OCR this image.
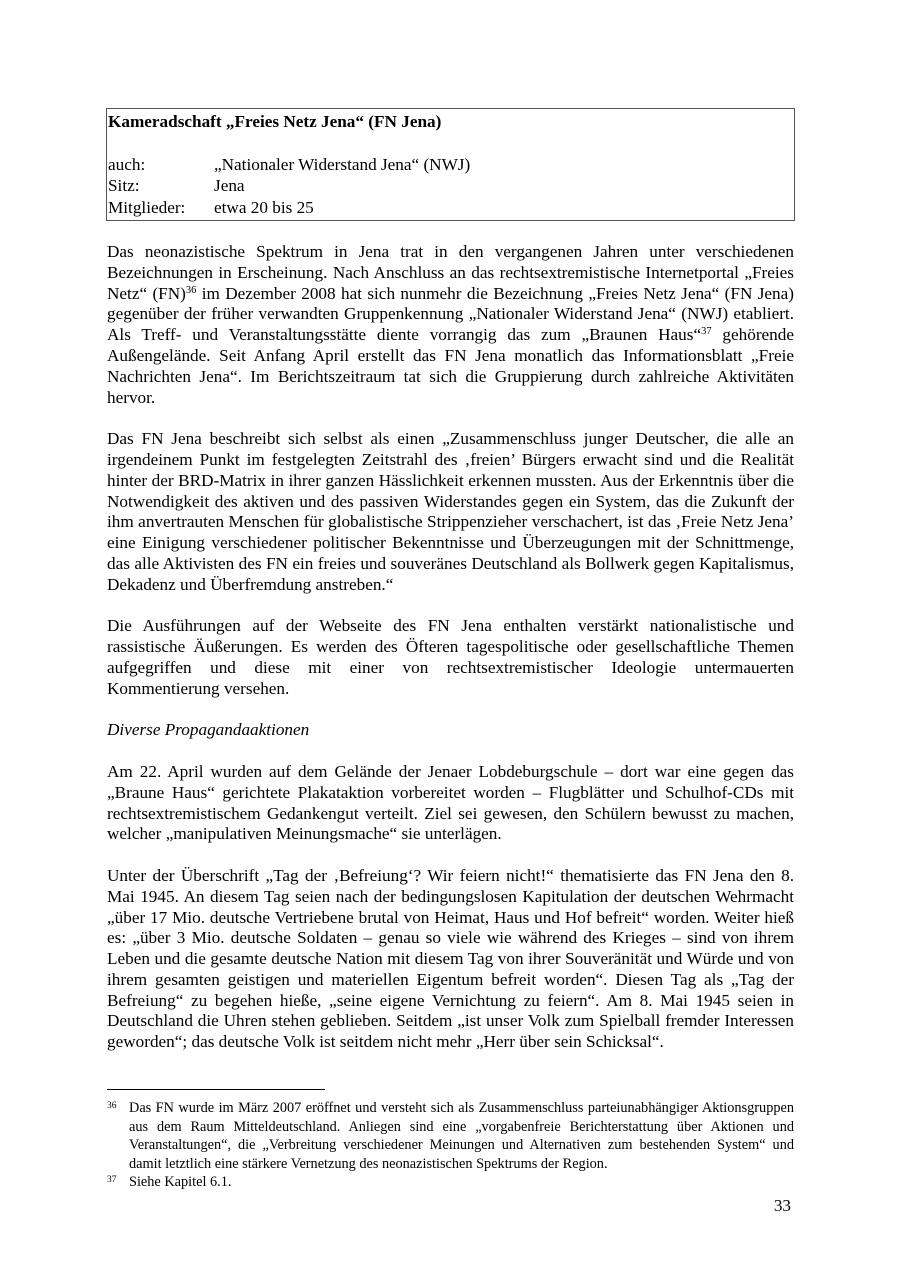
Kameradschaft „Freies Netz Jena“ (FN Jena)
auch:	„Nationaler Widerstand Jena“ (NWJ)
Sitz:	Jena
Mitglieder:	etwa 20 bis 25

Das neonazistische Spektrum in Jena trat in den vergangenen Jahren unter verschiedenen Bezeichnungen in Erscheinung. Nach Anschluss an das rechtsextremistische Internetportal „Freies Netz“ (FN)$^{36}$ im Dezember 2008 hat sich nunmehr die Bezeichnung „Freies Netz Jena“ (FN Jena) gegenüber der früher verwandten Gruppenkennung „Nationaler Widerstand Jena“ (NWJ) etabliert. Als Treff- und Veranstaltungsstätte diente vorrangig das zum „Braunen Haus“$^{37}$ gehörende Außengelände. Seit Anfang April erstellt das FN Jena monatlich das Informationsblatt „Freie Nachrichten Jena“. Im Berichtszeitraum tat sich die Gruppierung durch zahlreiche Aktivitäten hervor.

Das FN Jena beschreibt sich selbst als einen „Zusammenschluss junger Deutscher, die alle an irgendeinem Punkt im festgelegten Zeitstrahl des ‚freien’ Bürgers erwacht sind und die Realität hinter der BRD-Matrix in ihrer ganzen Hässlichkeit erkennen mussten. Aus der Erkenntnis über die Notwendigkeit des aktiven und des passiven Widerstandes gegen ein System, das die Zukunft der ihm anvertrauten Menschen für globalistische Strippenzieher verschachert, ist das ‚Freie Netz Jena’ eine Einigung verschiedener politischer Bekenntnisse und Überzeugungen mit der Schnittmenge, das alle Aktivisten des FN ein freies und souveränes Deutschland als Bollwerk gegen Kapitalismus, Dekadenz und Überfremdung anstreben.“

Die Ausführungen auf der Webseite des FN Jena enthalten verstärkt nationalistische und rassistische Äußerungen. Es werden des Öfteren tagespolitische oder gesellschaftliche Themen aufgegriffen und diese mit einer von rechtsextremistischer Ideologie untermauerten Kommentierung versehen.

Diverse Propagandaaktionen

Am 22. April wurden auf dem Gelände der Jenaer Lobdeburgschule – dort war eine gegen das „Braune Haus“ gerichtete Plakataktion vorbereitet worden – Flugblätter und Schulhof-CDs mit rechtsextremistischem Gedankengut verteilt. Ziel sei gewesen, den Schülern bewusst zu machen, welcher „manipulativen Meinungsmache“ sie unterlägen.

Unter der Überschrift „Tag der ‚Befreiung‘? Wir feiern nicht!“ thematisierte das FN Jena den 8. Mai 1945. An diesem Tag seien nach der bedingungslosen Kapitulation der deutschen Wehrmacht „über 17 Mio. deutsche Vertriebene brutal von Heimat, Haus und Hof befreit“ worden. Weiter hieß es: „über 3 Mio. deutsche Soldaten – genau so viele wie während des Krieges – sind von ihrem Leben und die gesamte deutsche Nation mit diesem Tag von ihrer Souveränität und Würde und von ihrem gesamten geistigen und materiellen Eigentum befreit worden“. Diesen Tag als „Tag der Befreiung“ zu begehen hieße, „seine eigene Vernichtung zu feiern“. Am 8. Mai 1945 seien in Deutschland die Uhren stehen geblieben. Seitdem „ist unser Volk zum Spielball fremder Interessen geworden“; das deutsche Volk ist seitdem nicht mehr „Herr über sein Schicksal“.

36 Das FN wurde im März 2007 eröffnet und versteht sich als Zusammenschluss parteiunabhängiger Aktionsgruppen aus dem Raum Mitteldeutschland. Anliegen sind eine „vorgabenfreie Berichterstattung über Aktionen und Veranstaltungen“, die „Verbreitung verschiedener Meinungen und Alternativen zum bestehenden System“ und damit letztlich eine stärkere Vernetzung des neonazistischen Spektrums der Region.
37 Siehe Kapitel 6.1.
33
